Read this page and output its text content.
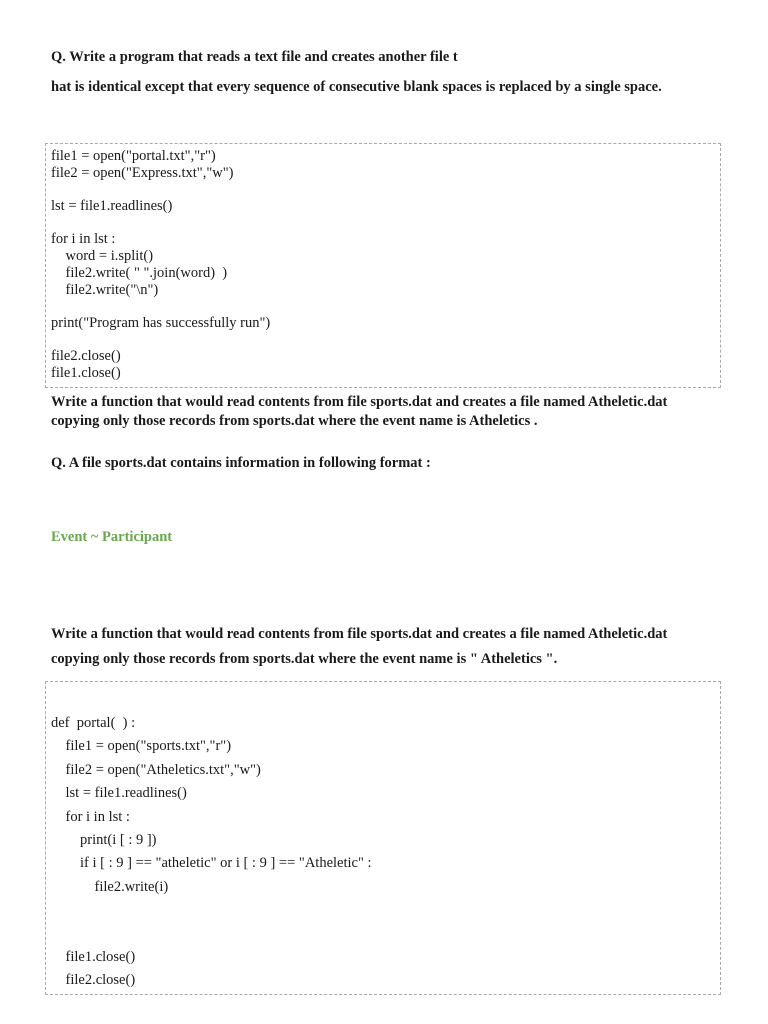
Q. Write a program that reads a text file and creates another file t

hat is identical except that every sequence of consecutive blank spaces is replaced by a single space.

file1 = open("portal.txt","r")
file2 = open("Express.txt","w")

lst = file1.readlines()

for i in lst :
word = i.split()
file2.write( " ".join(word)  )
file2.write("\n")

print("Program has successfully run")

file2.close()
file1.close()

Write a function that would read contents from file sports.dat and creates a file named Atheletic.dat

copying only those records from sports.dat where the event name is Atheletics .

Q. A file sports.dat contains information in following format :

Event ~ Participant

Write a function that would read contents from file sports.dat and creates a file named Atheletic.dat

copying only those records from sports.dat where the event name is " Atheletics ".

def  portal(  ) :
file1 = open("sports.txt","r")
file2 = open("Atheletics.txt","w")
lst = file1.readlines()
for i in lst :
print(i [ : 9 ])
if i [ : 9 ] == "atheletic" or i [ : 9 ] == "Atheletic" :
file2.write(i)

file1.close()
file2.close()
